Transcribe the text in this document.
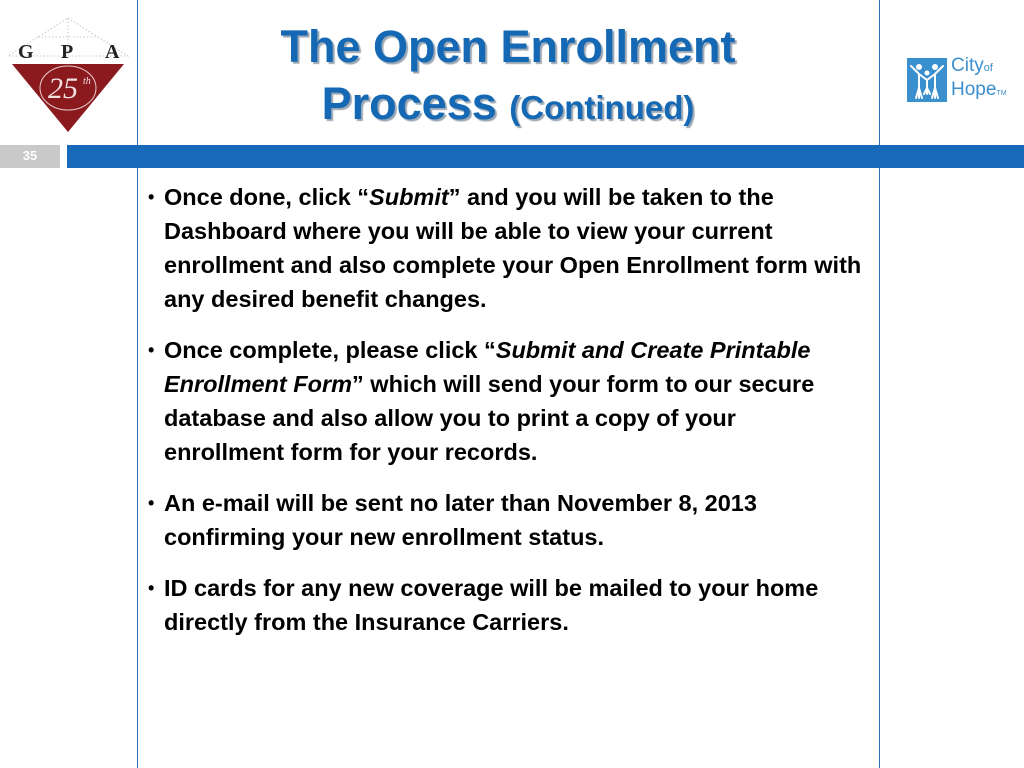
35
G P A
25 th
The Open Enrollment
Process (Continued)
Cityof
HopeTM
• Once done, click “Submit” and you will be taken to the Dashboard where you will be able to view your current enrollment and also complete your Open Enrollment form with any desired benefit changes.
• Once complete, please click “Submit and Create Printable Enrollment Form” which will send your form to our secure database and also allow you to print a copy of your enrollment form for your records.
• An e-mail will be sent no later than November 8, 2013 confirming your new enrollment status.
• ID cards for any new coverage will be mailed to your home directly from the Insurance Carriers.
